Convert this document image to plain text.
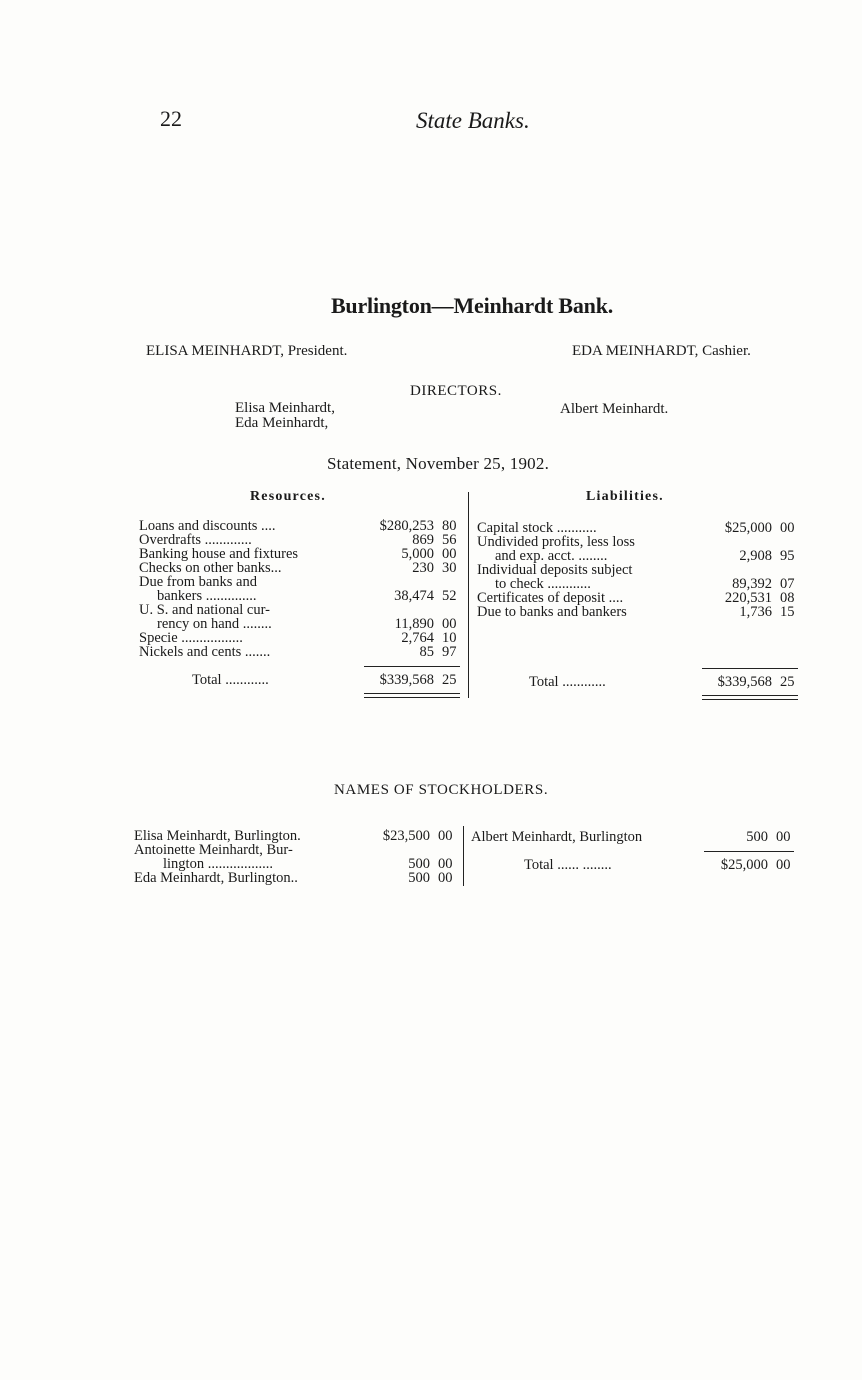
22	State Banks.
Burlington—Meinhardt Bank.
ELISA MEINHARDT, President.	EDA MEINHARDT, Cashier.
DIRECTORS.
Elisa Meinhardt,
Eda Meinhardt,
Albert Meinhardt.
Statement, November 25, 1902.
Resources.	Liabilities.
Loans and discounts ....	$280,253 80
Overdrafts .............	869 56
Banking house and fixtures	5,000 00
Checks on other banks...	230 30
Due from banks and
bankers ..............	38,474 52
U. S. and national cur-
rency on hand ........	11,890 00
Specie .................	2,764 10
Nickels and cents .......	85 97
Capital stock ...........	$25,000 00
Undivided profits, less loss
and exp. acct. ........	2,908 95
Individual deposits subject
to check ............	89,392 07
Certificates of deposit ....	220,531 08
Due to banks and bankers	1,736 15
Total ............	$339,568 25	Total ............	$339,568 25
NAMES OF STOCKHOLDERS.
Elisa Meinhardt, Burlington.	$23,500 00
Antoinette Meinhardt, Bur-
lington ..................	500 00
Eda Meinhardt, Burlington..	500 00
Albert Meinhardt, Burlington	500 00
Total ...... ........	$25,000 00
